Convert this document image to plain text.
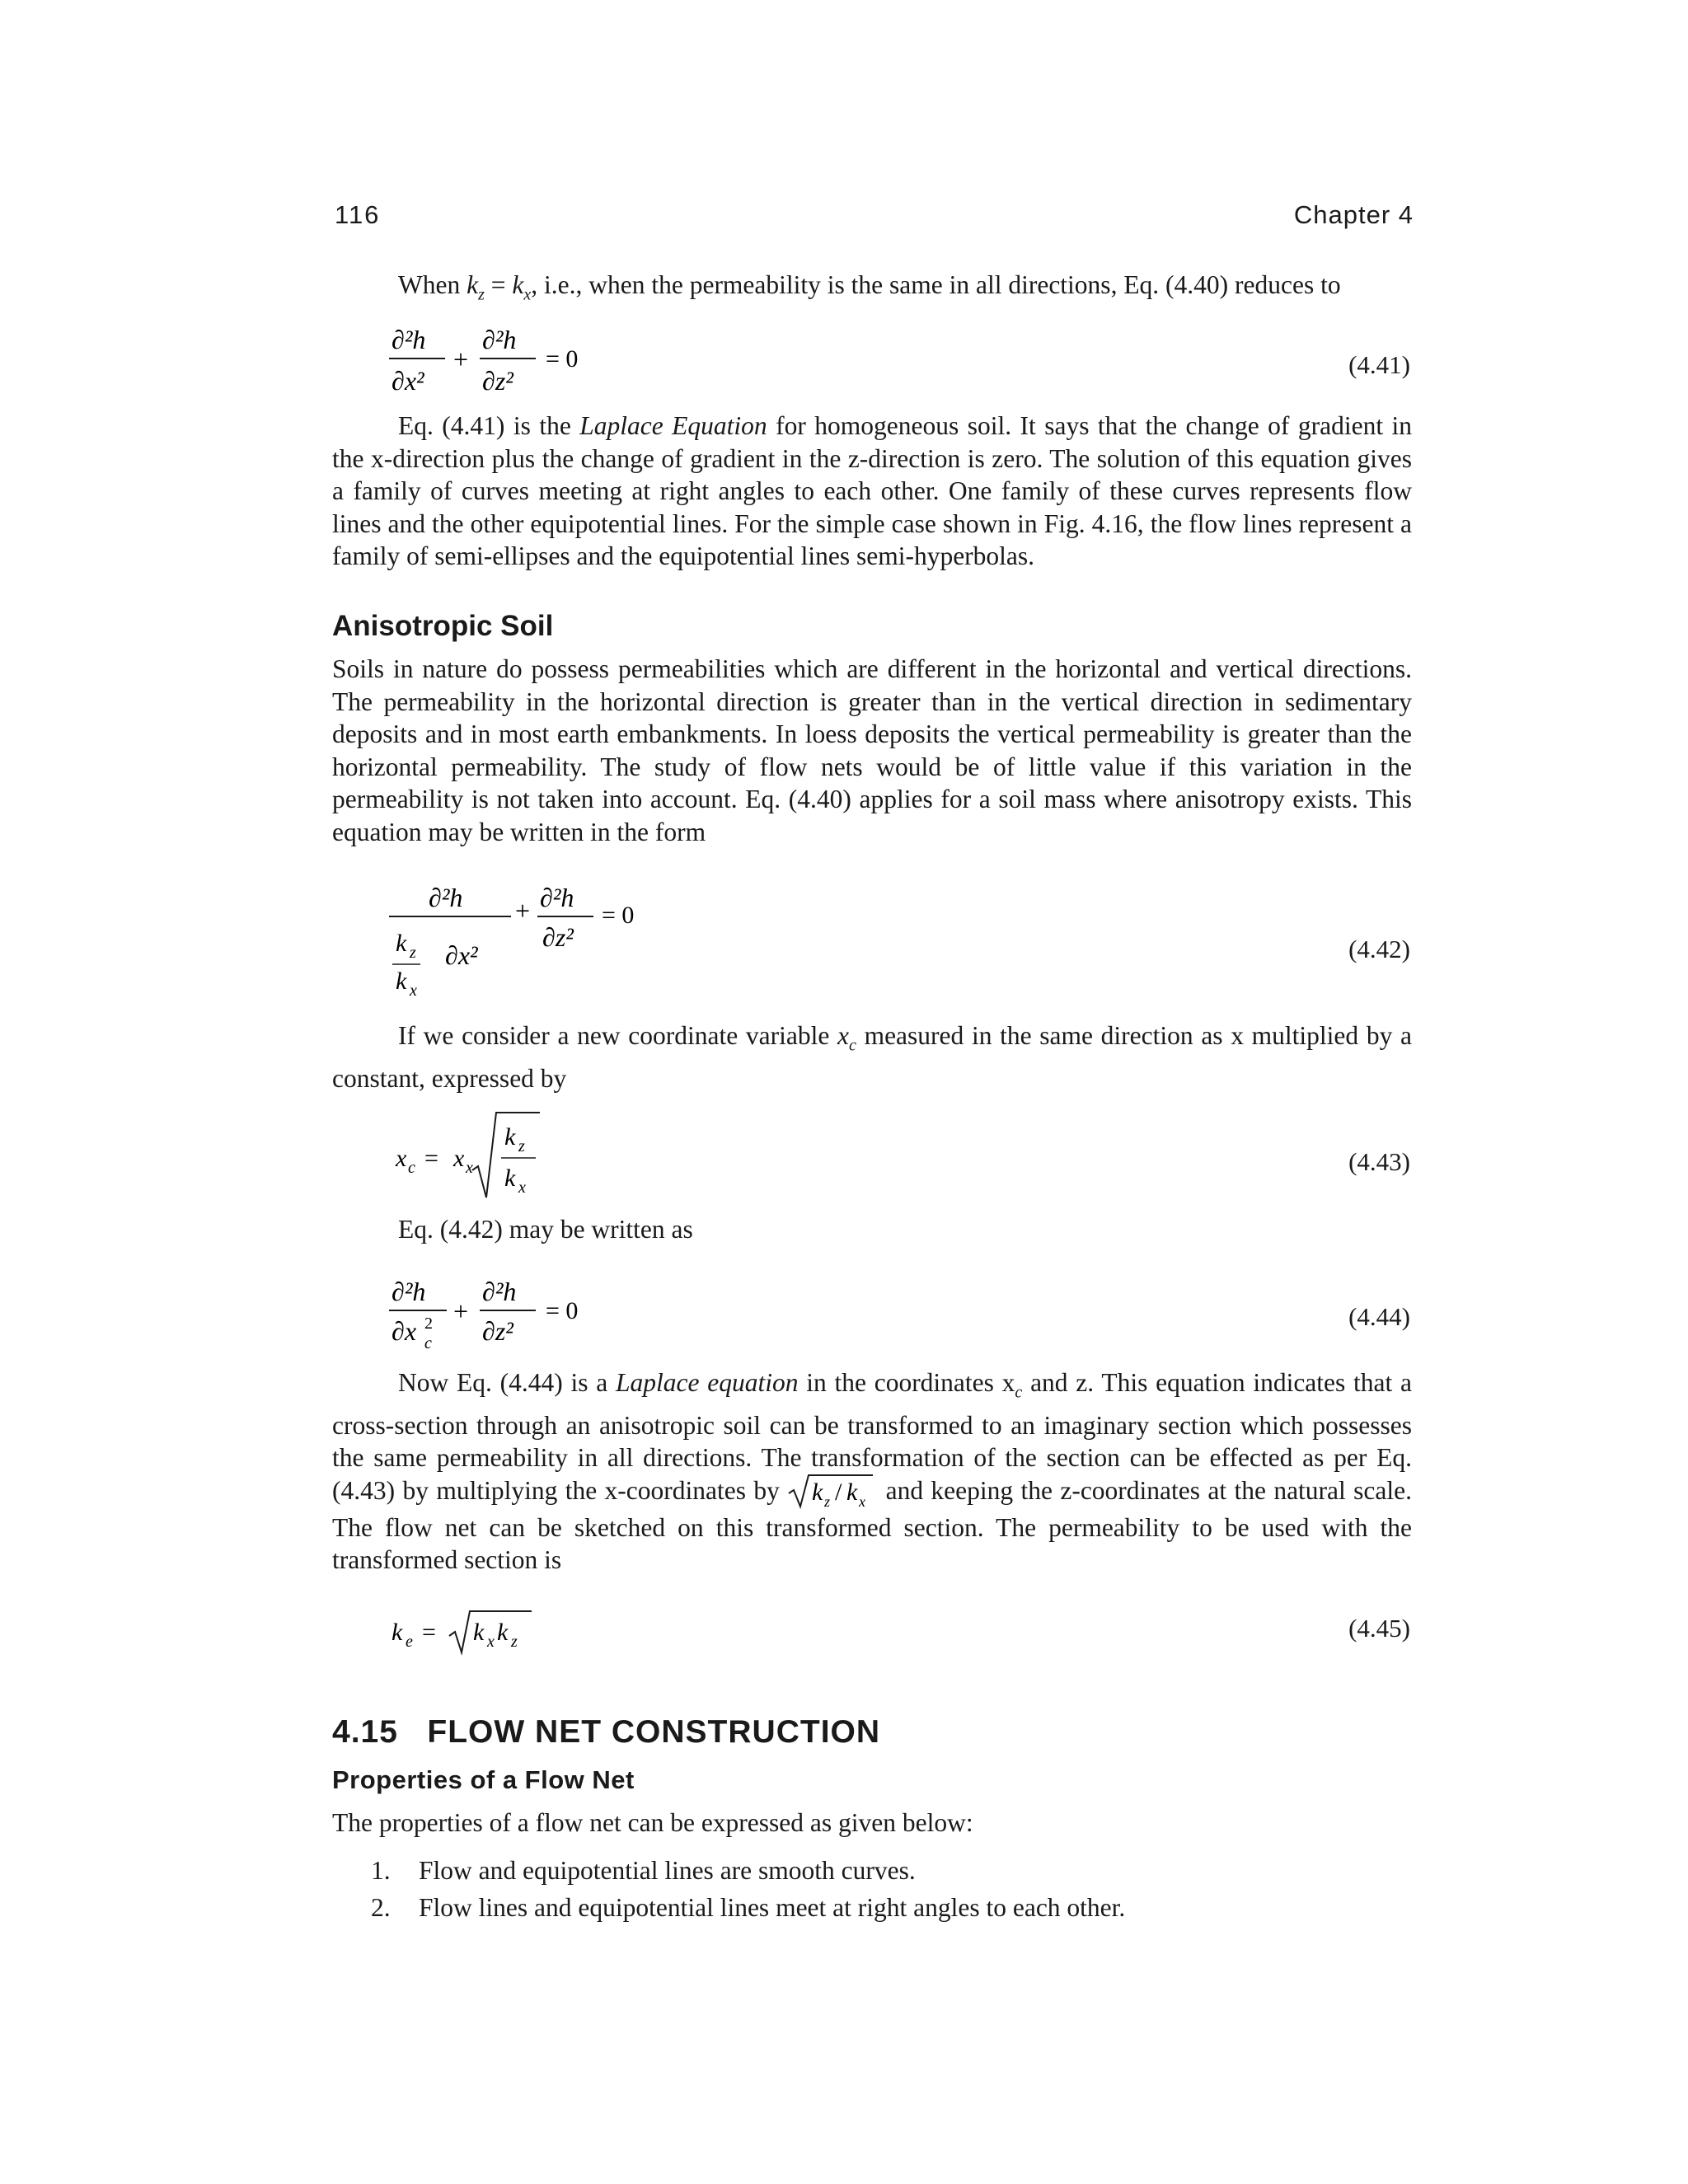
116	Chapter 4

When $k_z = k_x$, i.e., when the permeability is the same in all directions, Eq. (4.40) reduces to

∂²h
∂x²
+
∂²h
∂z²
= 0	(4.41)

Eq. (4.41) is the Laplace Equation for homogeneous soil. It says that the change of gradient in the x-direction plus the change of gradient in the z-direction is zero. The solution of this equation gives a family of curves meeting at right angles to each other. One family of these curves represents flow lines and the other equipotential lines. For the simple case shown in Fig. 4.16, the flow lines represent a family of semi-ellipses and the equipotential lines semi-hyperbolas.

Anisotropic Soil

Soils in nature do possess permeabilities which are different in the horizontal and vertical directions. The permeability in the horizontal direction is greater than in the vertical direction in sedimentary deposits and in most earth embankments. In loess deposits the vertical permeability is greater than the horizontal permeability. The study of flow nets would be of little value if this variation in the permeability is not taken into account. Eq. (4.40) applies for a soil mass where anisotropy exists. This equation may be written in the form

∂²h
k z
k x
∂x²
+ ∂²h
∂z²
= 0
(4.42)

If we consider a new coordinate variable $x_c$ measured in the same direction as x multiplied by a constant, expressed by

x c = x x
k z
k x
(4.43)

Eq. (4.42) may be written as

∂²h
∂x 2
c
+
∂²h
∂z²
= 0	(4.44)

Now Eq. (4.44) is a Laplace equation in the coordinates $x_c$ and z. This equation indicates that a cross-section through an anisotropic soil can be transformed to an imaginary section which possesses the same permeability in all directions. The transformation of the section can be effected as per Eq. (4.43) by multiplying the x-coordinates by k z / k x and keeping the z-coordinates at the natural scale. The flow net can be sketched on this transformed section. The permeability to be used with the transformed section is

k e = k x k z	(4.45)
4.15   FLOW NET CONSTRUCTION
Properties of a Flow Net

The properties of a flow net can be expressed as given below:

1. Flow and equipotential lines are smooth curves.
2. Flow lines and equipotential lines meet at right angles to each other.
